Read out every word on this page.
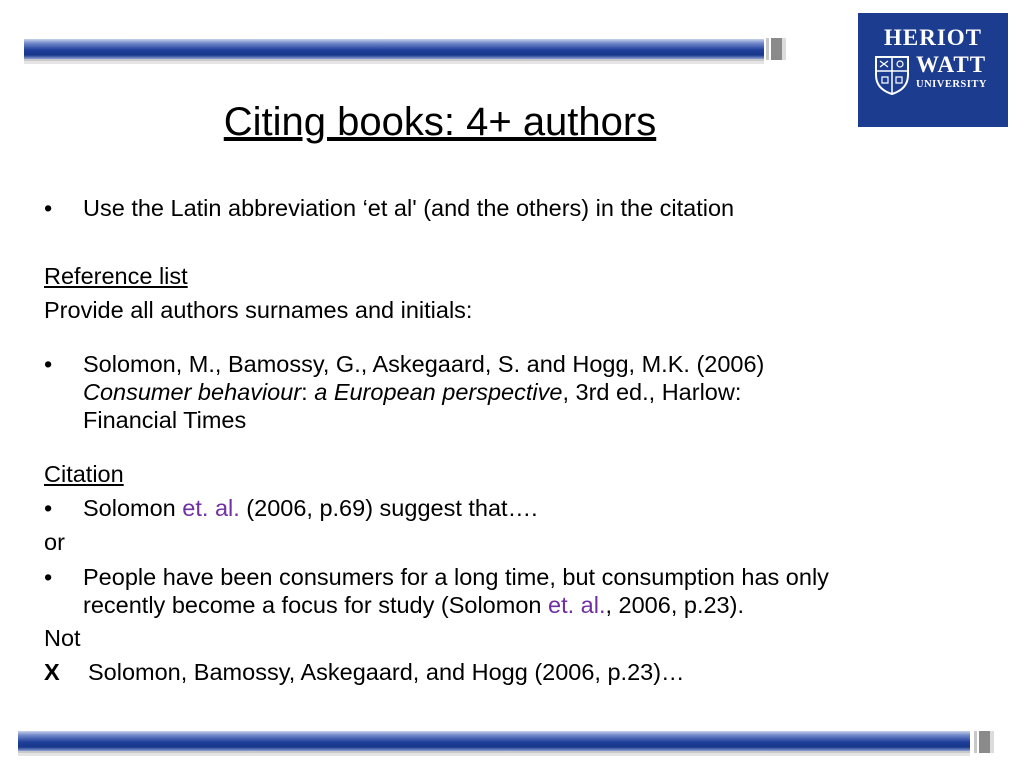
HERIOT
WATT
UNIVERSITY
Citing books: 4+ authors
• Use the Latin abbreviation ‘et al' (and the others) in the citation
Reference list
Provide all authors surnames and initials:
• Solomon, M., Bamossy, G., Askegaard, S. and Hogg, M.K. (2006)
Consumer behaviour: a European perspective, 3rd ed., Harlow:
Financial Times
Citation
• Solomon et. al. (2006, p.69) suggest that….
or
• People have been consumers for a long time, but consumption has only
recently become a focus for study (Solomon et. al., 2006, p.23).
Not
X Solomon, Bamossy, Askegaard, and Hogg (2006, p.23)…
